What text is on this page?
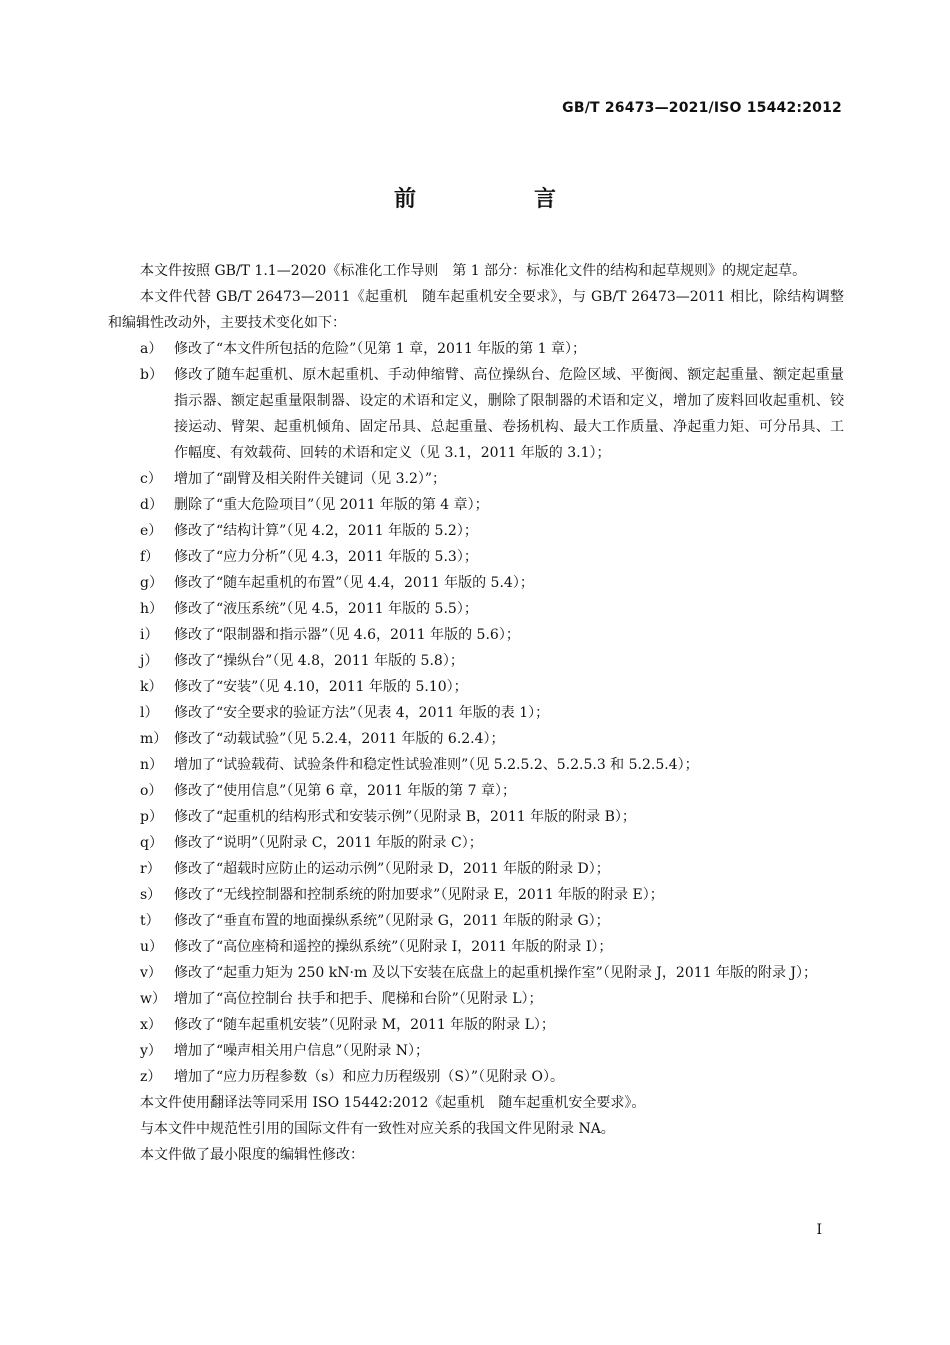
GB/T 26473—2021/ISO 15442:2012
前　言

本文件按照 GB/T 1.1—2020《标准化工作导则　第 1 部分：标准化文件的结构和起草规则》的规定起草。

本文件代替 GB/T 26473—2011《起重机　随车起重机安全要求》，与 GB/T 26473—2011 相比，除结构调整和编辑性改动外，主要技术变化如下：

a） 修改了“本文件所包括的危险”（见第 1 章，2011 年版的第 1 章）；
b） 修改了随车起重机、原木起重机、手动伸缩臂、高位操纵台、危险区域、平衡阀、额定起重量、额定起重量指示器、额定起重量限制器、设定的术语和定义，删除了限制器的术语和定义，增加了废料回收起重机、铰接运动、臂架、起重机倾角、固定吊具、总起重量、卷扬机构、最大工作质量、净起重力矩、可分吊具、工作幅度、有效载荷、回转的术语和定义（见 3.1，2011 年版的 3.1）；
c） 增加了“副臂及相关附件关键词（见 3.2）”；
d） 删除了“重大危险项目”（见 2011 年版的第 4 章）；
e） 修改了“结构计算”（见 4.2，2011 年版的 5.2）；
f）	修改了“应力分析”（见 4.3，2011 年版的 5.3）；
g） 修改了“随车起重机的布置”（见 4.4，2011 年版的 5.4）；
h） 修改了“液压系统”（见 4.5，2011 年版的 5.5）；
i）	修改了“限制器和指示器”（见 4.6，2011 年版的 5.6）；
j）	修改了“操纵台”（见 4.8，2011 年版的 5.8）；
k） 修改了“安装”（见 4.10，2011 年版的 5.10）；
l）	修改了“安全要求的验证方法”（见表 4，2011 年版的表 1）；
m） 修改了“动载试验”（见 5.2.4，2011 年版的 6.2.4）；
n） 增加了“试验载荷、试验条件和稳定性试验准则”（见 5.2.5.2、5.2.5.3 和 5.2.5.4）；
o） 修改了“使用信息”（见第 6 章，2011 年版的第 7 章）；
p） 修改了“起重机的结构形式和安装示例”（见附录 B，2011 年版的附录 B）；
q） 修改了“说明”（见附录 C，2011 年版的附录 C）；
r） 修改了“超载时应防止的运动示例”（见附录 D，2011 年版的附录 D）；
s） 修改了“无线控制器和控制系统的附加要求”（见附录 E，2011 年版的附录 E）；
t）	修改了“垂直布置的地面操纵系统”（见附录 G，2011 年版的附录 G）；
u） 修改了“高位座椅和遥控的操纵系统”（见附录 I，2011 年版的附录 I）；
v） 修改了“起重力矩为 250 kN·m 及以下安装在底盘上的起重机操作室”（见附录 J，2011 年版的附录 J）；
w） 增加了“高位控制台 扶手和把手、爬梯和台阶”（见附录 L）；
x） 修改了“随车起重机安装”（见附录 M，2011 年版的附录 L）；
y） 增加了“噪声相关用户信息”（见附录 N）；
z） 增加了“应力历程参数（s）和应力历程级别（S）”（见附录 O）。

本文件使用翻译法等同采用 ISO 15442:2012《起重机　随车起重机安全要求》。

与本文件中规范性引用的国际文件有一致性对应关系的我国文件见附录 NA。

本文件做了最小限度的编辑性修改：

I
